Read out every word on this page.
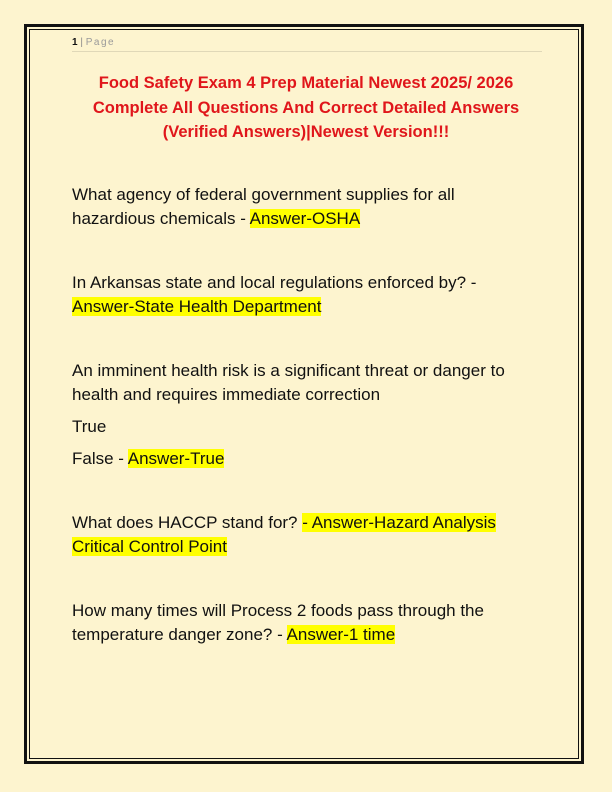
1 | Page
Food Safety Exam 4 Prep Material Newest 2025/ 2026
Complete All Questions And Correct Detailed Answers
(Verified Answers)|Newest Version!!!

What agency of federal government supplies for all hazardious chemicals - Answer-OSHA

In Arkansas state and local regulations enforced by? - Answer-State Health Department

An imminent health risk is a significant threat or danger to health and requires immediate correction

True

False - Answer-True

What does HACCP stand for? - Answer-Hazard Analysis Critical Control Point

How many times will Process 2 foods pass through the temperature danger zone? - Answer-1 time
